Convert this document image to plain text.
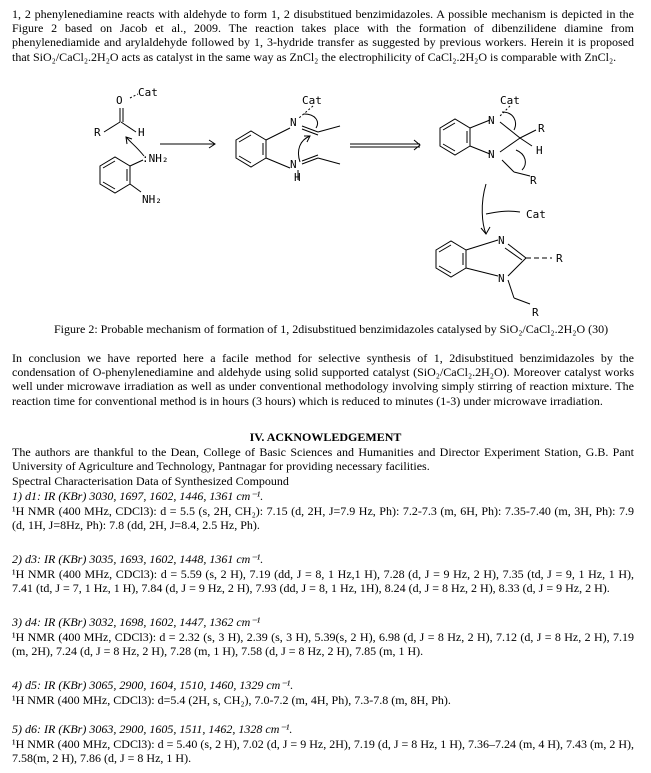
1, 2 phenylenediamine reacts with aldehyde to form 1, 2 disubstitued benzimidazoles. A possible mechanism is depicted in the Figure 2 based on Jacob et al., 2009. The reaction takes place with the formation of dibenzilidene diamine from phenylenediamide and arylaldehyde followed by 1, 3-hydride transfer as suggested by previous workers. Herein it is proposed that SiO₂/CaCl₂.2H₂O acts as catalyst in the same way as ZnCl₂ the electrophilicity of CaCl₂.2H₂O is comparable with ZnCl₂.
O
Cat
R	H
:NH₂
NH₂
Cat
N
N
H
Cat
N
N
R
H
R
Cat
N
N
R
R
Figure 2: Probable mechanism of formation of 1, 2disubstitued benzimidazoles catalysed by SiO₂/CaCl₂.2H₂O (30)
In conclusion we have reported here a facile method for selective synthesis of 1, 2disubstitued benzimidazoles by the condensation of O-phenylenediamine and aldehyde using solid supported catalyst (SiO₂/CaCl₂.2H₂O). Moreover catalyst works well under microwave irradiation as well as under conventional methodology involving simply stirring of reaction mixture. The reaction time for conventional method is in hours (3 hours) which is reduced to minutes (1-3) under microwave irradiation.
IV. ACKNOWLEDGEMENT
The authors are thankful to the Dean, College of Basic Sciences and Humanities and Director Experiment Station, G.B. Pant University of Agriculture and Technology, Pantnagar for providing necessary facilities.
Spectral Characterisation Data of Synthesized Compound
1) d1: IR (KBr) 3030, 1697, 1602, 1446, 1361 cm⁻¹.
¹H NMR (400 MHz, CDCl3): d = 5.5 (s, 2H, CH₂): 7.15 (d, 2H, J=7.9 Hz, Ph): 7.2-7.3 (m, 6H, Ph): 7.35-7.40 (m, 3H, Ph): 7.9 (d, 1H, J=8Hz, Ph): 7.8 (dd, 2H, J=8.4, 2.5 Hz, Ph).
2) d3: IR (KBr) 3035, 1693, 1602, 1448, 1361 cm⁻¹.
¹H NMR (400 MHz, CDCl3): d = 5.59 (s, 2 H), 7.19 (dd, J = 8, 1 Hz,1 H), 7.28 (d, J = 9 Hz, 2 H), 7.35 (td, J = 9, 1 Hz, 1 H), 7.41 (td, J = 7, 1 Hz, 1 H), 7.84 (d, J = 9 Hz, 2 H), 7.93 (dd, J = 8, 1 Hz, 1H), 8.24 (d, J = 8 Hz, 2 H), 8.33 (d, J = 9 Hz, 2 H).
3) d4: IR (KBr) 3032, 1698, 1602, 1447, 1362 cm⁻¹
¹H NMR (400 MHz, CDCl3): d = 2.32 (s, 3 H), 2.39 (s, 3 H), 5.39(s, 2 H), 6.98 (d, J = 8 Hz, 2 H), 7.12 (d, J = 8 Hz, 2 H), 7.19 (m, 2H), 7.24 (d, J = 8 Hz, 2 H), 7.28 (m, 1 H), 7.58 (d, J = 8 Hz, 2 H), 7.85 (m, 1 H).
4) d5: IR (KBr) 3065, 2900, 1604, 1510, 1460, 1329 cm⁻¹.
¹H NMR (400 MHz, CDCl3): d=5.4 (2H, s, CH₂), 7.0-7.2 (m, 4H, Ph), 7.3-7.8 (m, 8H, Ph).
5) d6: IR (KBr) 3063, 2900, 1605, 1511, 1462, 1328 cm⁻¹.
¹H NMR (400 MHz, CDCl3): d = 5.40 (s, 2 H), 7.02 (d, J = 9 Hz, 2H), 7.19 (d, J = 8 Hz, 1 H), 7.36–7.24 (m, 4 H), 7.43 (m, 2 H), 7.58(m, 2 H), 7.86 (d, J = 8 Hz, 1 H).
